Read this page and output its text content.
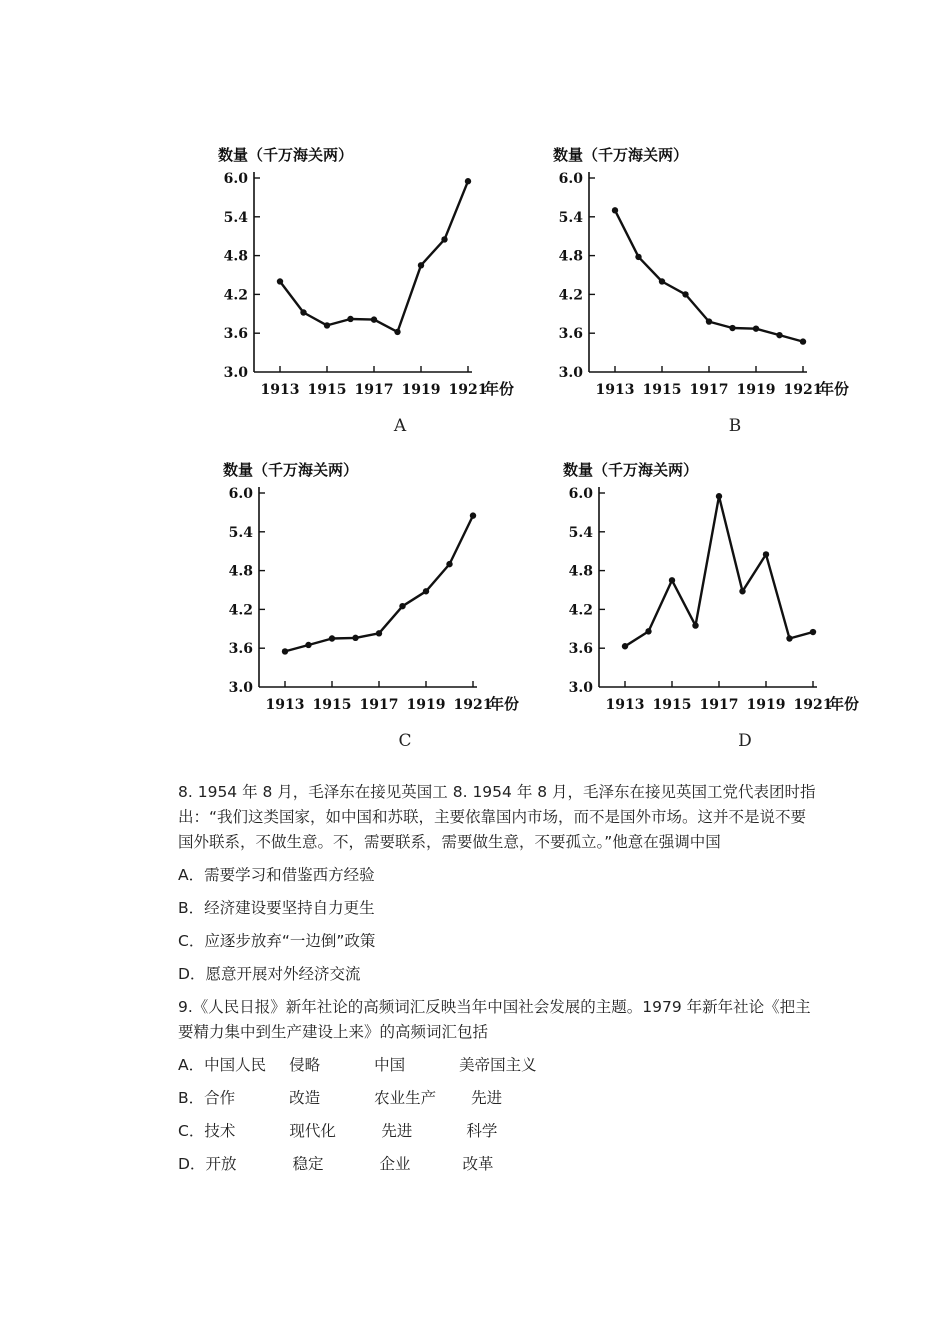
数量（千万海关两）
3.0
3.6
4.2
4.8
5.4
6.0
1913 1915 1917 1919 1921
年份
A
数量（千万海关两）
3.0
3.6
4.2
4.8
5.4
6.0
1913 1915 1917 1919 1921
年份
B
数量（千万海关两）
3.0
3.6
4.2
4.8
5.4
6.0
1913 1915 1917 1919 1921
年份
C
数量（千万海关两）
3.0
3.6
4.2
4.8
5.4
6.0
1913 1915 1917 1919 1921
年份
D

8. 1954 年 8 月，毛泽东在接见英国工 8. 1954 年 8 月，毛泽东在接见英国工党代表团时指出：“我们这类国家，如中国和苏联，主要依靠国内市场，而不是国外市场。这并不是说不要国外联系，不做生意。不，需要联系，需要做生意，不要孤立。”他意在强调中国

A．需要学习和借鉴西方经验
B．经济建设要坚持自力更生
C．应逐步放弃“一边倒”政策
D．愿意开展对外经济交流

9.《人民日报》新年社论的高频词汇反映当年中国社会发展的主题。1979 年新年社论《把主要精力集中到生产建设上来》的高频词汇包括

A．中国人民 侵略	中国	美帝国主义
B．合作	改造	农业生产 先进
C．技术	现代化	先进	科学
D．开放	稳定	企业	改革
